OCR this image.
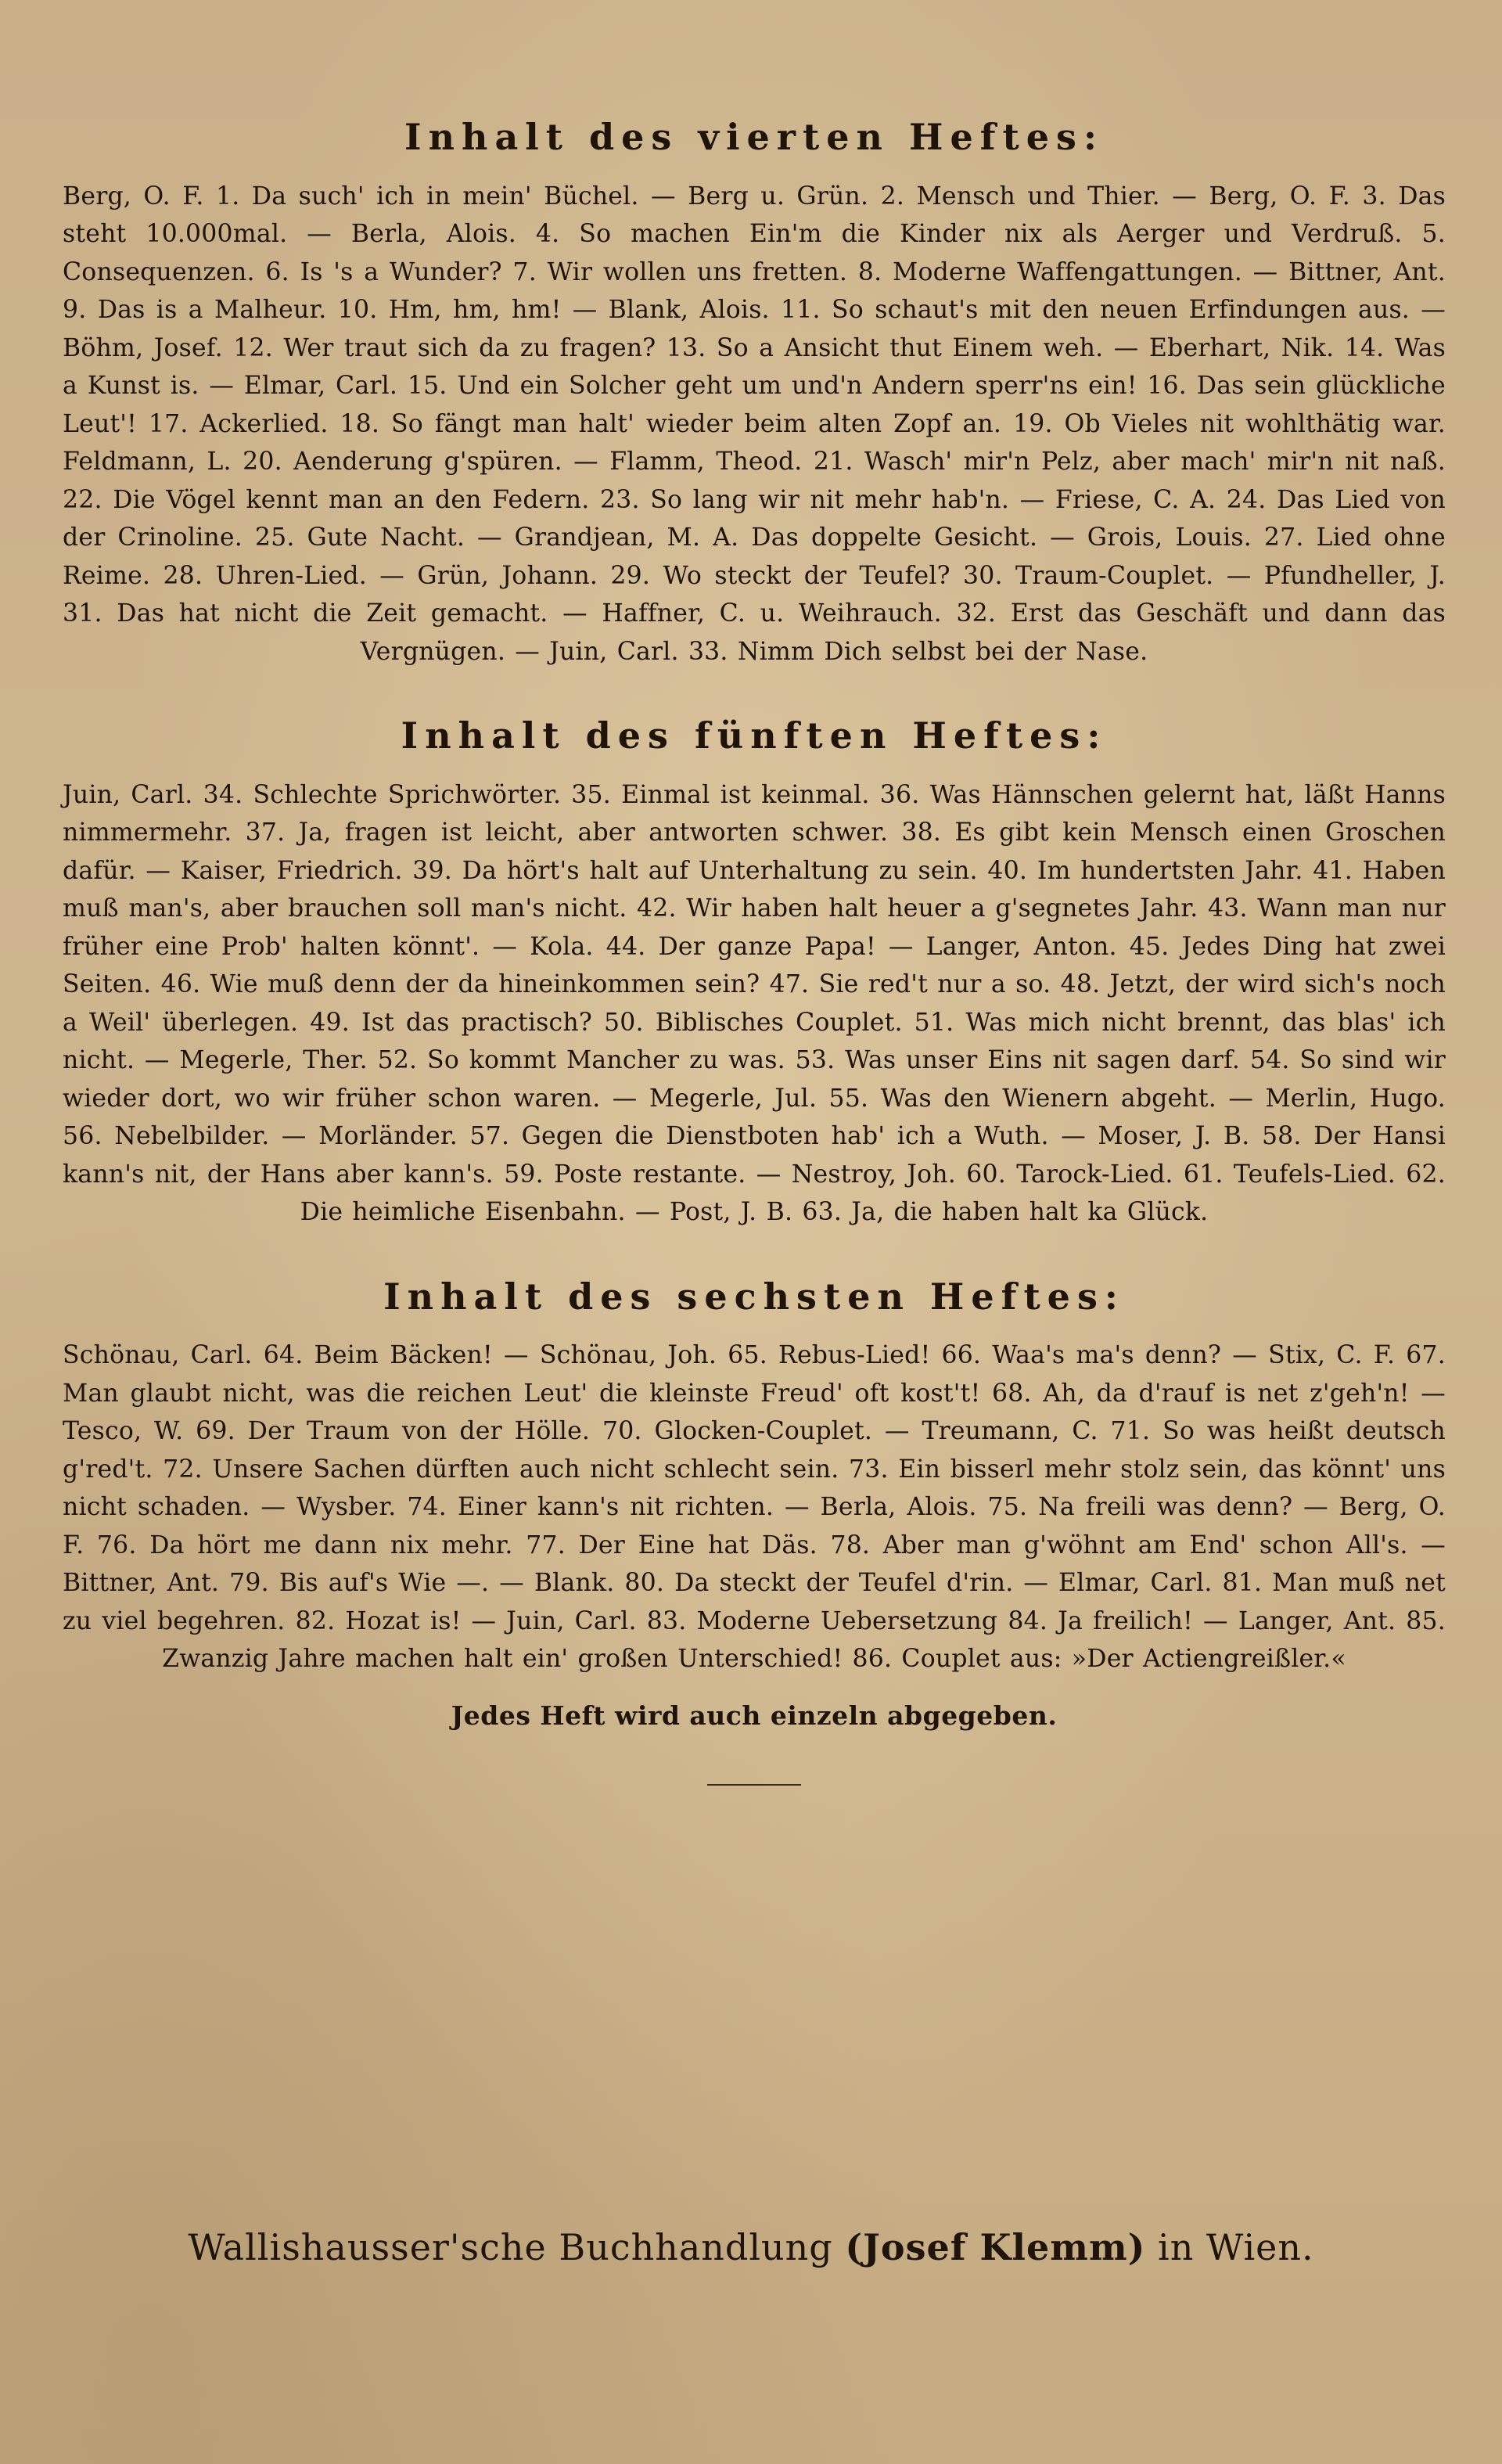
Inhalt des vierten Heftes:

Berg, O. F. 1. Da such' ich in mein' Büchel. — Berg u. Grün. 2. Mensch und Thier. — Berg, O. F. 3. Das steht 10.000mal. — Berla, Alois. 4. So machen Ein'm die Kinder nix als Aerger und Verdruß. 5. Consequenzen. 6. Is 's a Wunder? 7. Wir wollen uns fretten. 8. Moderne Waffengattungen. — Bittner, Ant. 9. Das is a Malheur. 10. Hm, hm, hm! — Blank, Alois. 11. So schaut's mit den neuen Erfindungen aus. — Böhm, Josef. 12. Wer traut sich da zu fragen? 13. So a Ansicht thut Einem weh. — Eberhart, Nik. 14. Was a Kunst is. — Elmar, Carl. 15. Und ein Solcher geht um und'n Andern sperr'ns ein! 16. Das sein glückliche Leut'! 17. Ackerlied. 18. So fängt man halt' wieder beim alten Zopf an. 19. Ob Vieles nit wohlthätig war. Feldmann, L. 20. Aenderung g'spüren. — Flamm, Theod. 21. Wasch' mir'n Pelz, aber mach' mir'n nit naß. 22. Die Vögel kennt man an den Federn. 23. So lang wir nit mehr hab'n. — Friese, C. A. 24. Das Lied von der Crinoline. 25. Gute Nacht. — Grandjean, M. A. Das doppelte Gesicht. — Grois, Louis. 27. Lied ohne Reime. 28. Uhren-Lied. — Grün, Johann. 29. Wo steckt der Teufel? 30. Traum-Couplet. — Pfundheller, J. 31. Das hat nicht die Zeit gemacht. — Haffner, C. u. Weihrauch. 32. Erst das Geschäft und dann das Vergnügen. — Juin, Carl. 33. Nimm Dich selbst bei der Nase.

Inhalt des fünften Heftes:

Juin, Carl. 34. Schlechte Sprichwörter. 35. Einmal ist keinmal. 36. Was Hännschen gelernt hat, läßt Hanns nimmermehr. 37. Ja, fragen ist leicht, aber antworten schwer. 38. Es gibt kein Mensch einen Groschen dafür. — Kaiser, Friedrich. 39. Da hört's halt auf Unterhaltung zu sein. 40. Im hundertsten Jahr. 41. Haben muß man's, aber brauchen soll man's nicht. 42. Wir haben halt heuer a g'segnetes Jahr. 43. Wann man nur früher eine Prob' halten könnt'. — Kola. 44. Der ganze Papa! — Langer, Anton. 45. Jedes Ding hat zwei Seiten. 46. Wie muß denn der da hineinkommen sein? 47. Sie red't nur a so. 48. Jetzt, der wird sich's noch a Weil' überlegen. 49. Ist das practisch? 50. Biblisches Couplet. 51. Was mich nicht brennt, das blas' ich nicht. — Megerle, Ther. 52. So kommt Mancher zu was. 53. Was unser Eins nit sagen darf. 54. So sind wir wieder dort, wo wir früher schon waren. — Megerle, Jul. 55. Was den Wienern abgeht. — Merlin, Hugo. 56. Nebelbilder. — Morländer. 57. Gegen die Dienstboten hab' ich a Wuth. — Moser, J. B. 58. Der Hansi kann's nit, der Hans aber kann's. 59. Poste restante. — Nestroy, Joh. 60. Tarock-Lied. 61. Teufels-Lied. 62. Die heimliche Eisenbahn. — Post, J. B. 63. Ja, die haben halt ka Glück.

Inhalt des sechsten Heftes:

Schönau, Carl. 64. Beim Bäcken! — Schönau, Joh. 65. Rebus-Lied! 66. Waa's ma's denn? — Stix, C. F. 67. Man glaubt nicht, was die reichen Leut' die kleinste Freud' oft kost't! 68. Ah, da d'rauf is net z'geh'n! — Tesco, W. 69. Der Traum von der Hölle. 70. Glocken-Couplet. — Treumann, C. 71. So was heißt deutsch g'red't. 72. Unsere Sachen dürften auch nicht schlecht sein. 73. Ein bisserl mehr stolz sein, das könnt' uns nicht schaden. — Wysber. 74. Einer kann's nit richten. — Berla, Alois. 75. Na freili was denn? — Berg, O. F. 76. Da hört me dann nix mehr. 77. Der Eine hat Däs. 78. Aber man g'wöhnt am End' schon All's. — Bittner, Ant. 79. Bis auf's Wie —. — Blank. 80. Da steckt der Teufel d'rin. — Elmar, Carl. 81. Man muß net zu viel begehren. 82. Hozat is! — Juin, Carl. 83. Moderne Uebersetzung 84. Ja freilich! — Langer, Ant. 85. Zwanzig Jahre machen halt ein' großen Unterschied! 86. Couplet aus: »Der Actiengreißler.«

Jedes Heft wird auch einzeln abgegeben.

Wallishausser'sche Buchhandlung (Josef Klemm) in Wien.
